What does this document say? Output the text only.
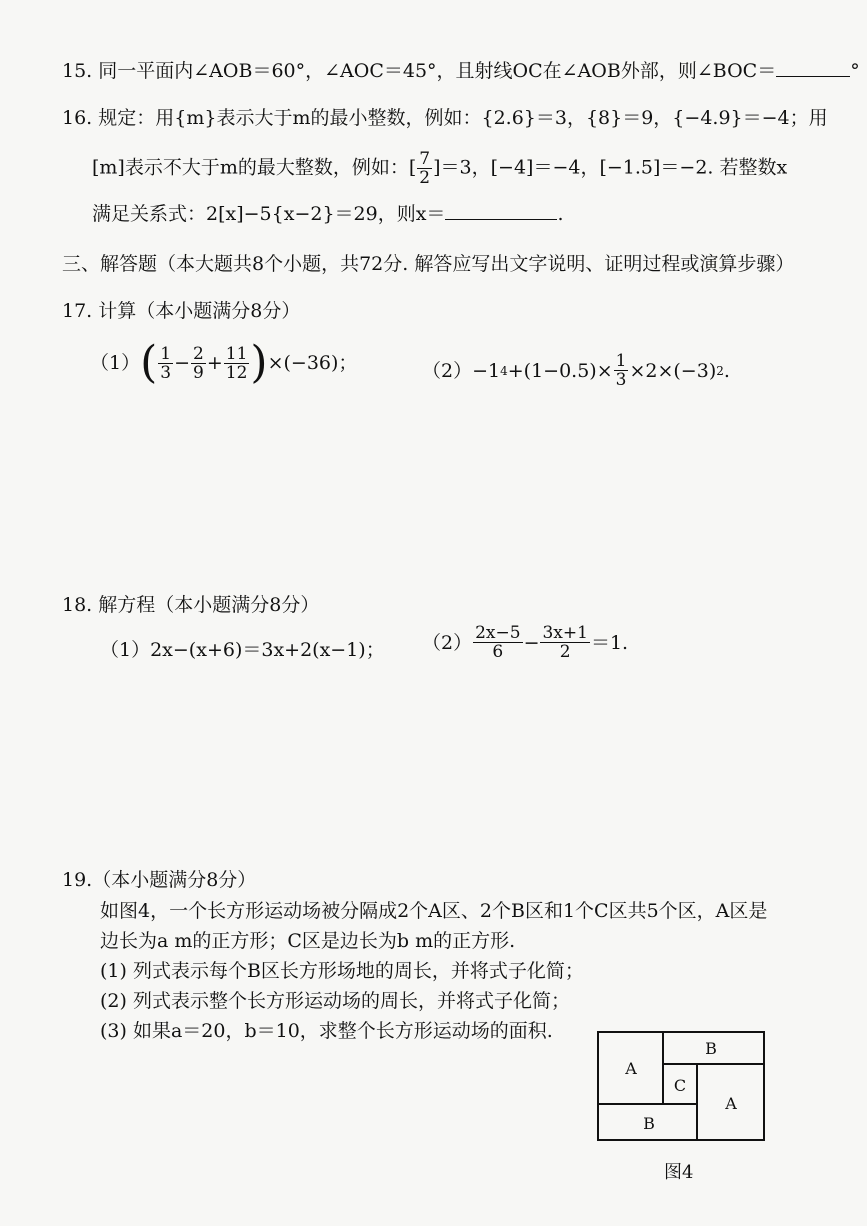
15. 同一平面内∠AOB＝60°，∠AOC＝45°，且射线OC在∠AOB外部，则∠BOC＝	°
16. 规定：用{m}表示大于m的最小整数，例如：{2.6}＝3，{8}＝9，{−4.9}＝−4；用
[m]表示不大于m的最大整数，例如：[ $\frac{7}{2} ]=3$，[−4]＝−4，[−1.5]＝−2. 若整数x
满足关系式：2[x]−5{x−2}＝29，则x＝	.
三、解答题（本大题共8个小题，共72分. 解答应写出文字说明、证明过程或演算步骤）
17. 计算（本小题满分8分）
（1） ( $\frac{1}{3} - \frac{2}{9} + \frac{11}{12}$ ) ×(−36)；	（2） −1 $4 +(1-0.5)\times \frac{1}{3} \times 2\times(-3)$ 2 .
18. 解方程（本小题满分8分）
（1）2x−(x+6)＝3x+2(x−1)； $(2) \frac{2x-5}{6} - \frac{3x+1}{2} =1$.
19.（本小题满分8分）
如图4，一个长方形运动场被分隔成2个A区、2个B区和1个C区共5个区，A区是
边长为a m的正方形；C区是边长为b m的正方形.
(1) 列式表示每个B区长方形场地的周长，并将式子化简；
(2) 列式表示整个长方形运动场的周长，并将式子化简；
(3) 如果a＝20，b＝10，求整个长方形运动场的面积.
A
B
C
A
B
图4
